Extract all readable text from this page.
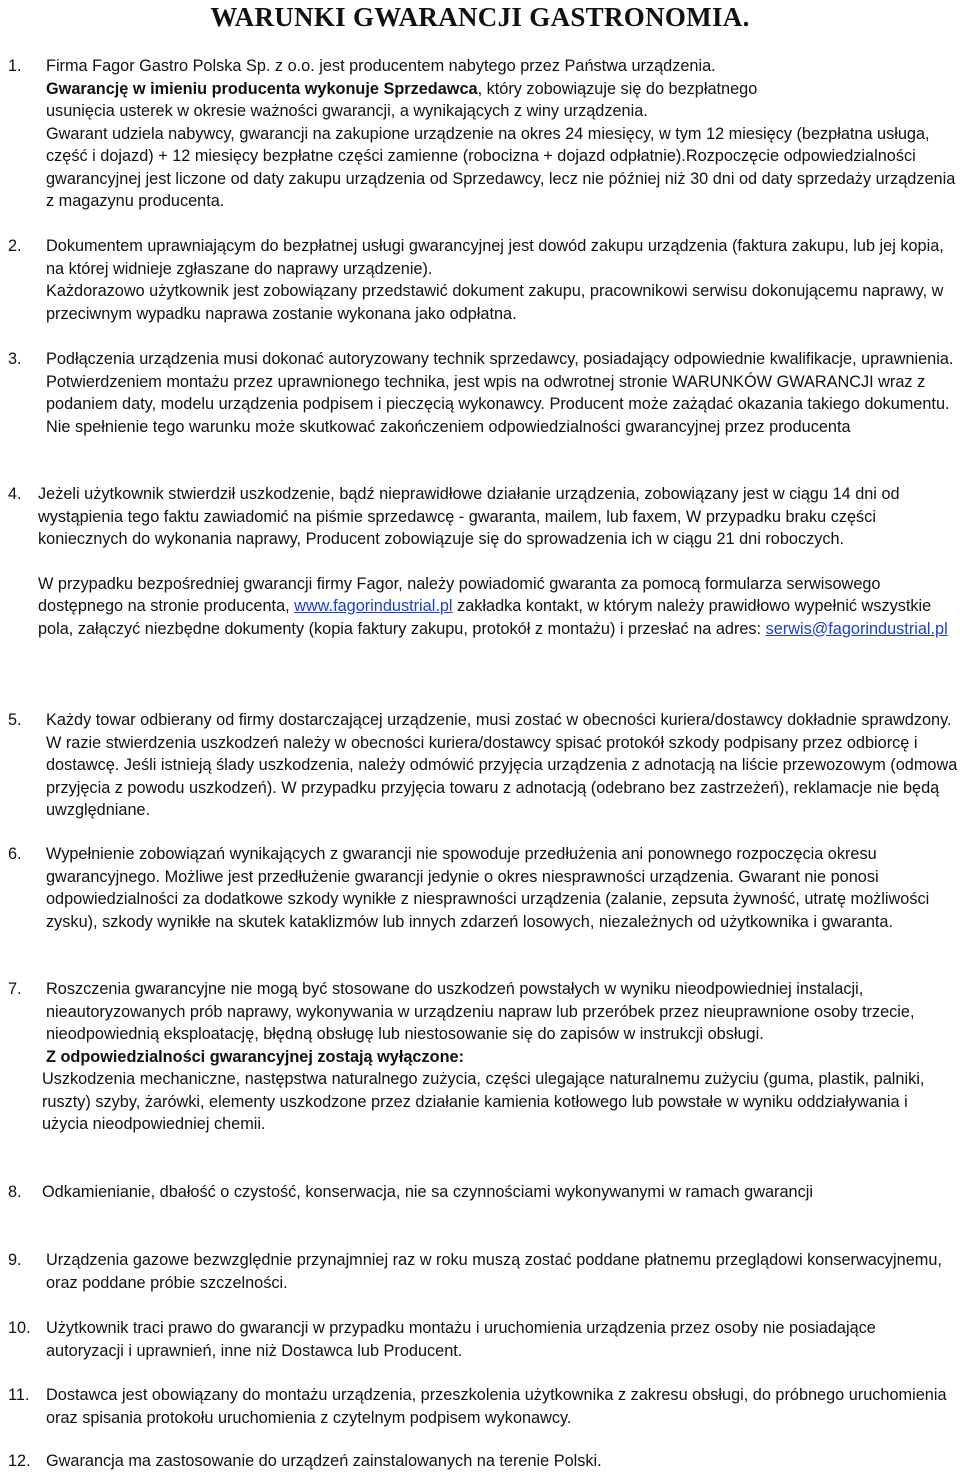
WARUNKI GWARANCJI GASTRONOMIA.
1. Firma Fagor Gastro Polska Sp. z o.o. jest producentem nabytego przez Państwa urządzenia.

Gwarancję w imieniu producenta wykonuje Sprzedawca, który zobowiązuje się do bezpłatnego

usunięcia usterek w okresie ważności gwarancji, a wynikających z winy urządzenia.

Gwarant udziela nabywcy, gwarancji na zakupione urządzenie na okres 24 miesięcy, w tym 12 miesięcy (bezpłatna usługa, część i dojazd) + 12 miesięcy bezpłatne części zamienne (robocizna + dojazd odpłatnie).Rozpoczęcie odpowiedzialności gwarancyjnej jest liczone od daty zakupu urządzenia od Sprzedawcy, lecz nie później niż 30 dni od daty sprzedaży urządzenia z magazynu producenta.

2. Dokumentem uprawniającym do bezpłatnej usługi gwarancyjnej jest dowód zakupu urządzenia (faktura zakupu, lub jej kopia, na której widnieje zgłaszane do naprawy urządzenie).

Każdorazowo użytkownik jest zobowiązany przedstawić dokument zakupu, pracownikowi serwisu dokonującemu naprawy, w przeciwnym wypadku naprawa zostanie wykonana jako odpłatna.

3. Podłączenia urządzenia musi dokonać autoryzowany technik sprzedawcy, posiadający odpowiednie kwalifikacje, uprawnienia. Potwierdzeniem montażu przez uprawnionego technika, jest wpis na odwrotnej stronie WARUNKÓW GWARANCJI wraz z podaniem daty, modelu urządzenia podpisem i pieczęcią wykonawcy. Producent może zażądać okazania takiego dokumentu. Nie spełnienie tego warunku może skutkować zakończeniem odpowiedzialności gwarancyjnej przez producenta

4. Jeżeli użytkownik stwierdził uszkodzenie, bądź nieprawidłowe działanie urządzenia, zobowiązany jest w ciągu 14 dni od wystąpienia tego faktu zawiadomić na piśmie sprzedawcę - gwaranta, mailem, lub faxem, W przypadku braku części koniecznych do wykonania naprawy, Producent zobowiązuje się do sprowadzenia ich w ciągu 21 dni roboczych.

W przypadku bezpośredniej gwarancji firmy Fagor, należy powiadomić gwaranta za pomocą formularza serwisowego dostępnego na stronie producenta, www.fagorindustrial.pl zakładka kontakt, w którym należy prawidłowo wypełnić wszystkie pola, załączyć niezbędne dokumenty (kopia faktury zakupu, protokół z montażu) i przesłać na adres: serwis@fagorindustrial.pl

5. Każdy towar odbierany od firmy dostarczającej urządzenie, musi zostać w obecności kuriera/dostawcy dokładnie sprawdzony. W razie stwierdzenia uszkodzeń należy w obecności kuriera/dostawcy spisać protokół szkody podpisany przez odbiorcę i dostawcę. Jeśli istnieją ślady uszkodzenia, należy odmówić przyjęcia urządzenia z adnotacją na liście przewozowym (odmowa przyjęcia z powodu uszkodzeń). W przypadku przyjęcia towaru z adnotacją (odebrano bez zastrzeżeń), reklamacje nie będą uwzględniane.

6. Wypełnienie zobowiązań wynikających z gwarancji nie spowoduje przedłużenia ani ponownego rozpoczęcia okresu gwarancyjnego. Możliwe jest przedłużenie gwarancji jedynie o okres niesprawności urządzenia. Gwarant nie ponosi odpowiedzialności za dodatkowe szkody wynikłe z niesprawności urządzenia (zalanie, zepsuta żywność, utratę możliwości zysku), szkody wynikłe na skutek kataklizmów lub innych zdarzeń losowych, niezależnych od użytkownika i gwaranta.

7. Roszczenia gwarancyjne nie mogą być stosowane do uszkodzeń powstałych w wyniku nieodpowiedniej instalacji, nieautoryzowanych prób naprawy, wykonywania w urządzeniu napraw lub przeróbek przez nieuprawnione osoby trzecie, nieodpowiednią eksploatację, błędną obsługę lub niestosowanie się do zapisów w instrukcji obsługi.

Z odpowiedzialności gwarancyjnej zostają wyłączone:

Uszkodzenia mechaniczne, następstwa naturalnego zużycia, części ulegające naturalnemu zużyciu (guma, plastik, palniki, ruszty) szyby, żarówki, elementy uszkodzone przez działanie kamienia kotłowego lub powstałe w wyniku oddziaływania i użycia nieodpowiedniej chemii.

8. Odkamienianie, dbałość o czystość, konserwacja, nie sa czynnościami wykonywanymi w ramach gwarancji

9. Urządzenia gazowe bezwzględnie przynajmniej raz w roku muszą zostać poddane płatnemu przeglądowi konserwacyjnemu, oraz poddane próbie szczelności.

10. Użytkownik traci prawo do gwarancji w przypadku montażu i uruchomienia urządzenia przez osoby nie posiadające autoryzacji i uprawnień, inne niż Dostawca lub Producent.

11. Dostawca jest obowiązany do montażu urządzenia, przeszkolenia użytkownika z zakresu obsługi, do próbnego uruchomienia oraz spisania protokołu uruchomienia z czytelnym podpisem wykonawcy.

12. Gwarancja ma zastosowanie do urządzeń zainstalowanych na terenie Polski.
